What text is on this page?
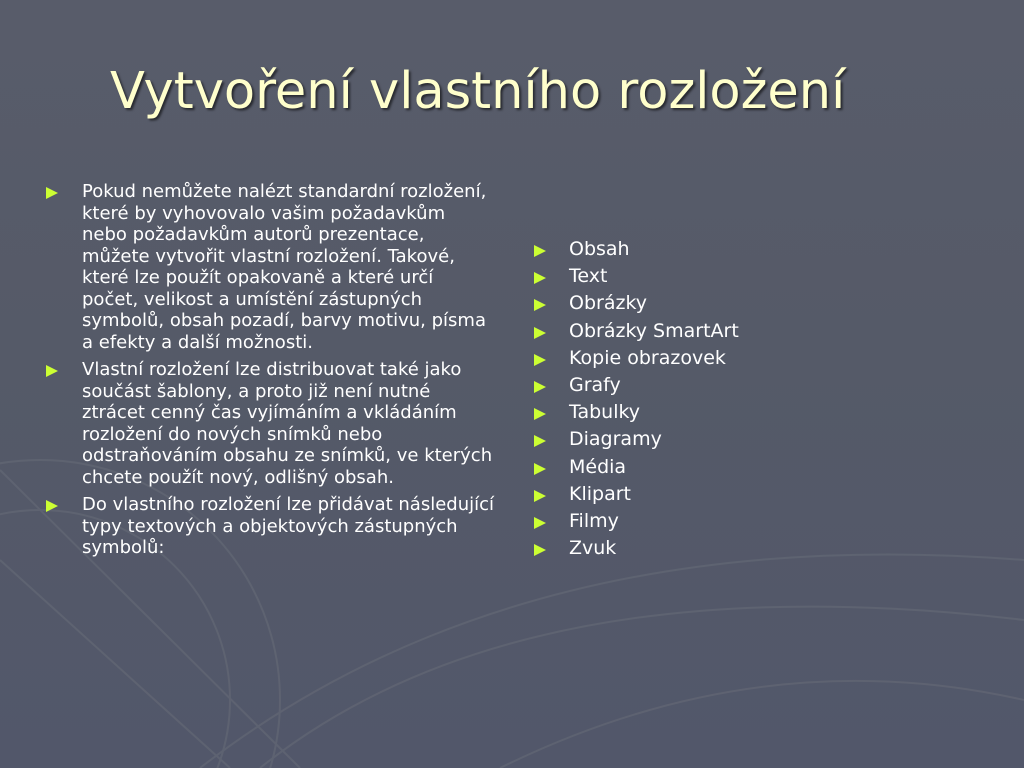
Vytvoření vlastního rozložení
Pokud nemůžete nalézt standardní rozložení, které by vyhovovalo vašim požadavkům nebo požadavkům autorů prezentace, můžete vytvořit vlastní rozložení. Takové, které lze použít opakovaně a které určí počet, velikost a umístění zástupných symbolů, obsah pozadí, barvy motivu, písma a efekty a další možnosti.
Vlastní rozložení lze distribuovat také jako součást šablony, a proto již není nutné ztrácet cenný čas vyjímáním a vkládáním rozložení do nových snímků nebo odstraňováním obsahu ze snímků, ve kterých chcete použít nový, odlišný obsah.
Do vlastního rozložení lze přidávat následující typy textových a objektových zástupných symbolů:
Obsah
Text
Obrázky
Obrázky SmartArt
Kopie obrazovek
Grafy
Tabulky
Diagramy
Média
Klipart
Filmy
Zvuk
